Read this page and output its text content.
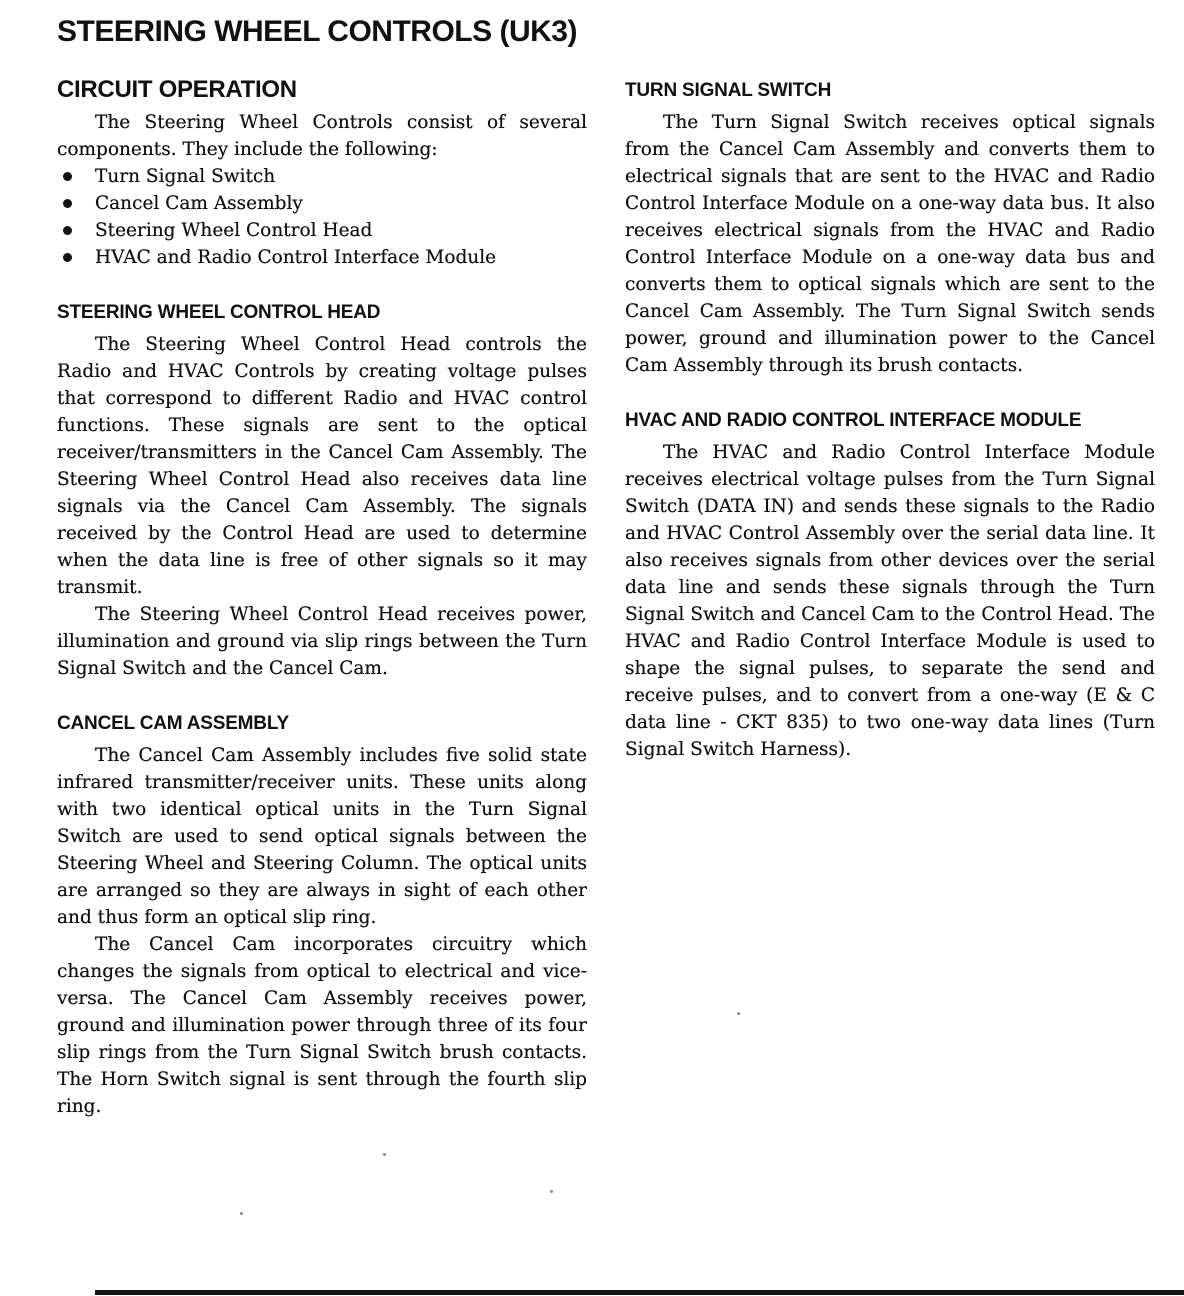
STEERING WHEEL CONTROLS (UK3)
CIRCUIT OPERATION

The Steering Wheel Controls consist of several components. They include the following:

Turn Signal Switch
Cancel Cam Assembly
Steering Wheel Control Head
HVAC and Radio Control Interface Module
STEERING WHEEL CONTROL HEAD

The Steering Wheel Control Head controls the Radio and HVAC Controls by creating voltage pulses that correspond to different Radio and HVAC control functions. These signals are sent to the optical receiver/transmitters in the Cancel Cam Assembly. The Steering Wheel Control Head also receives data line signals via the Cancel Cam Assembly. The signals received by the Control Head are used to determine when the data line is free of other signals so it may transmit.

The Steering Wheel Control Head receives power, illumination and ground via slip rings between the Turn Signal Switch and the Cancel Cam.

CANCEL CAM ASSEMBLY

The Cancel Cam Assembly includes five solid state infrared transmitter/receiver units. These units along with two identical optical units in the Turn Signal Switch are used to send optical signals between the Steering Wheel and Steering Column. The optical units are arranged so they are always in sight of each other and thus form an optical slip ring.

The Cancel Cam incorporates circuitry which changes the signals from optical to electrical and vice-versa. The Cancel Cam Assembly receives power, ground and illumination power through three of its four slip rings from the Turn Signal Switch brush contacts. The Horn Switch signal is sent through the fourth slip ring.

TURN SIGNAL SWITCH

The Turn Signal Switch receives optical signals from the Cancel Cam Assembly and converts them to electrical signals that are sent to the HVAC and Radio Control Interface Module on a one-way data bus. It also receives electrical signals from the HVAC and Radio Control Interface Module on a one-way data bus and converts them to optical signals which are sent to the Cancel Cam Assembly. The Turn Signal Switch sends power, ground and illumination power to the Cancel Cam Assembly through its brush contacts.

HVAC AND RADIO CONTROL INTERFACE MODULE

The HVAC and Radio Control Interface Module receives electrical voltage pulses from the Turn Signal Switch (DATA IN) and sends these signals to the Radio and HVAC Control Assembly over the serial data line. It also receives signals from other devices over the serial data line and sends these signals through the Turn Signal Switch and Cancel Cam to the Control Head. The HVAC and Radio Control Interface Module is used to shape the signal pulses, to separate the send and receive pulses, and to convert from a one-way (E & C data line - CKT 835) to two one-way data lines (Turn Signal Switch Harness).
